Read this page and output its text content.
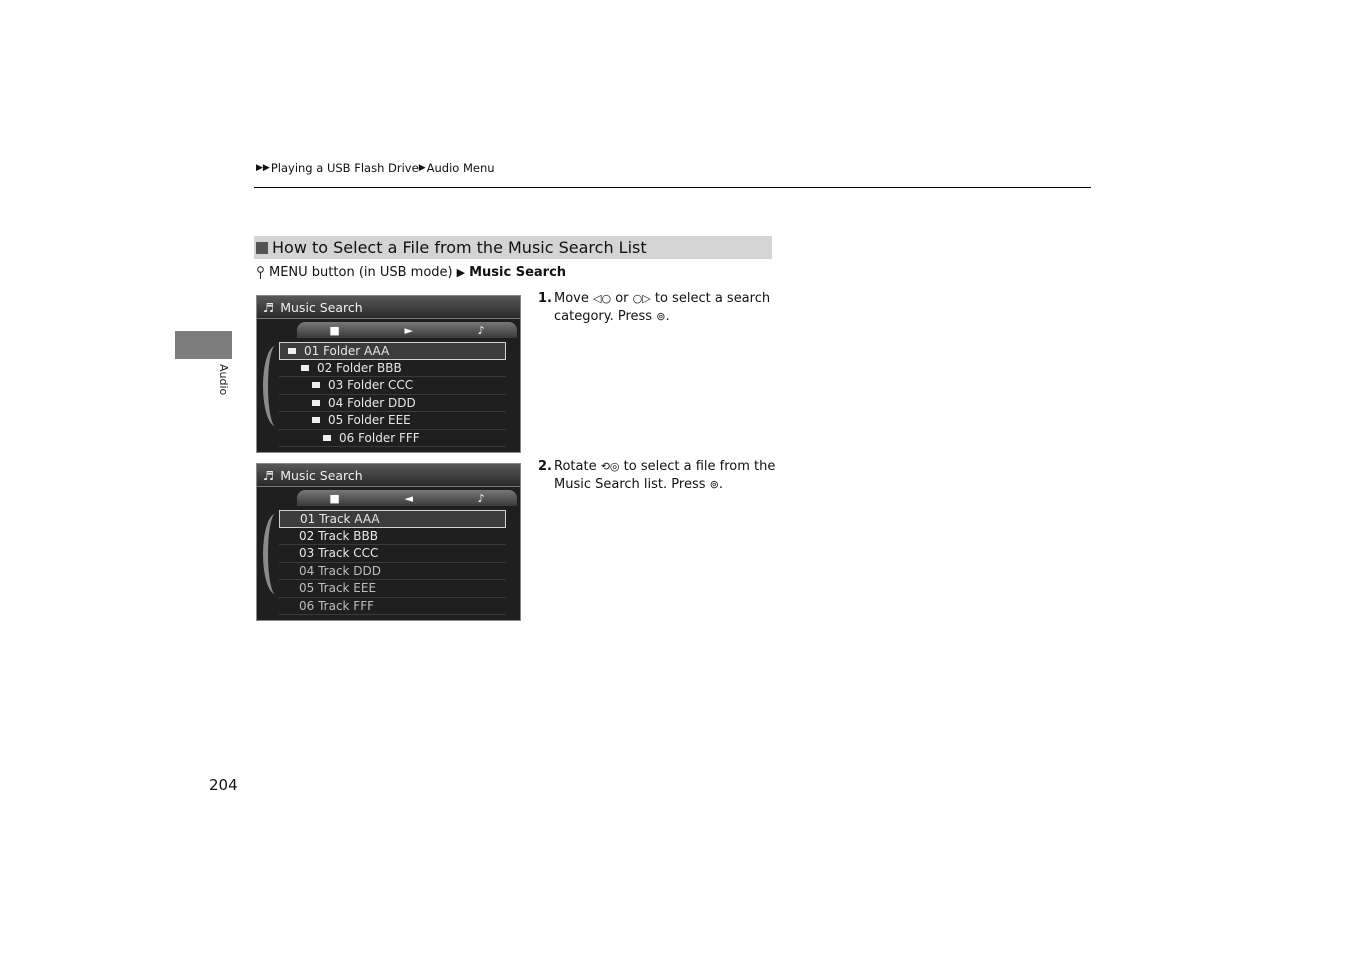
▶▶ Playing a USB Flash Drive ▶ Audio Menu
Audio
How to Select a File from the Music Search List
MENU button (in USB mode) ▶ Music Search
♬ Music Search
■	►	♪
01 Folder AAA
02 Folder BBB
03 Folder CCC
04 Folder DDD
05 Folder EEE
06 Folder FFF
♬ Music Search
■	◄	♪
01 Track AAA
02 Track BBB
03 Track CCC
04 Track DDD
05 Track EEE
06 Track FFF
1. Move ◁○ or ○▷ to select a search
category. Press ⊚.
2. Rotate ⟲◎ to select a file from the
Music Search list. Press ⊚.
204
